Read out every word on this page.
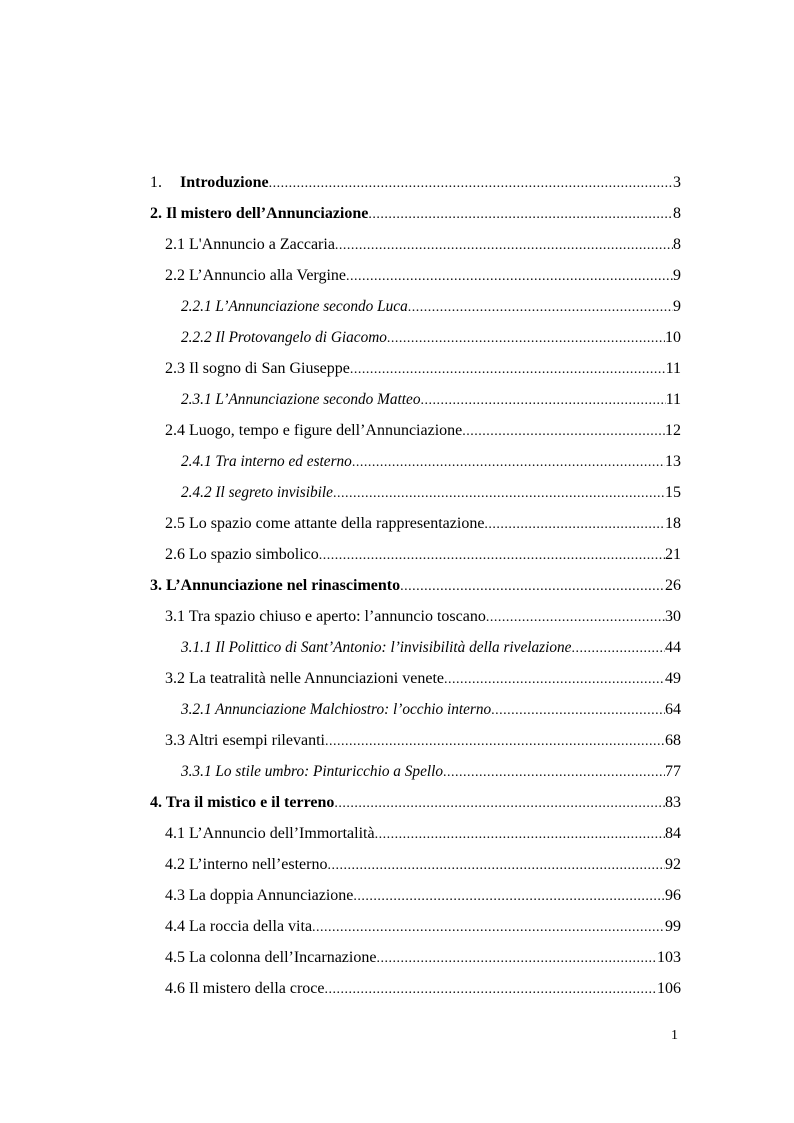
1. Introduzione .....	3
2. Il mistero dell’Annunciazione .....	8
2.1 L'Annuncio a Zaccaria .....	8
2.2 L’Annuncio alla Vergine .....	9
2.2.1 L’Annunciazione secondo Luca .....	9
2.2.2 Il Protovangelo di Giacomo .....	10
2.3 Il sogno di San Giuseppe .....	11
2.3.1 L’Annunciazione secondo Matteo .....	11
2.4 Luogo, tempo e figure dell’Annunciazione .....	12
2.4.1 Tra interno ed esterno .....	13
2.4.2 Il segreto invisibile .....	15
2.5 Lo spazio come attante della rappresentazione .....	18
2.6 Lo spazio simbolico .....	21
3. L’Annunciazione nel rinascimento .....	26
3.1 Tra spazio chiuso e aperto: l’annuncio toscano .....	30
3.1.1 Il Polittico di Sant’Antonio: l’invisibilità della rivelazione .....	44
3.2 La teatralità nelle Annunciazioni venete .....	49
3.2.1 Annunciazione Malchiostro: l’occhio interno .....	64
3.3 Altri esempi rilevanti .....	68
3.3.1 Lo stile umbro: Pinturicchio a Spello .....	77
4. Tra il mistico e il terreno .....	83
4.1 L’Annuncio dell’Immortalità .....	84
4.2 L’interno nell’esterno .....	92
4.3 La doppia Annunciazione .....	96
4.4 La roccia della vita .....	99
4.5 La colonna dell’Incarnazione .....	103
4.6 Il mistero della croce .....	106
1
